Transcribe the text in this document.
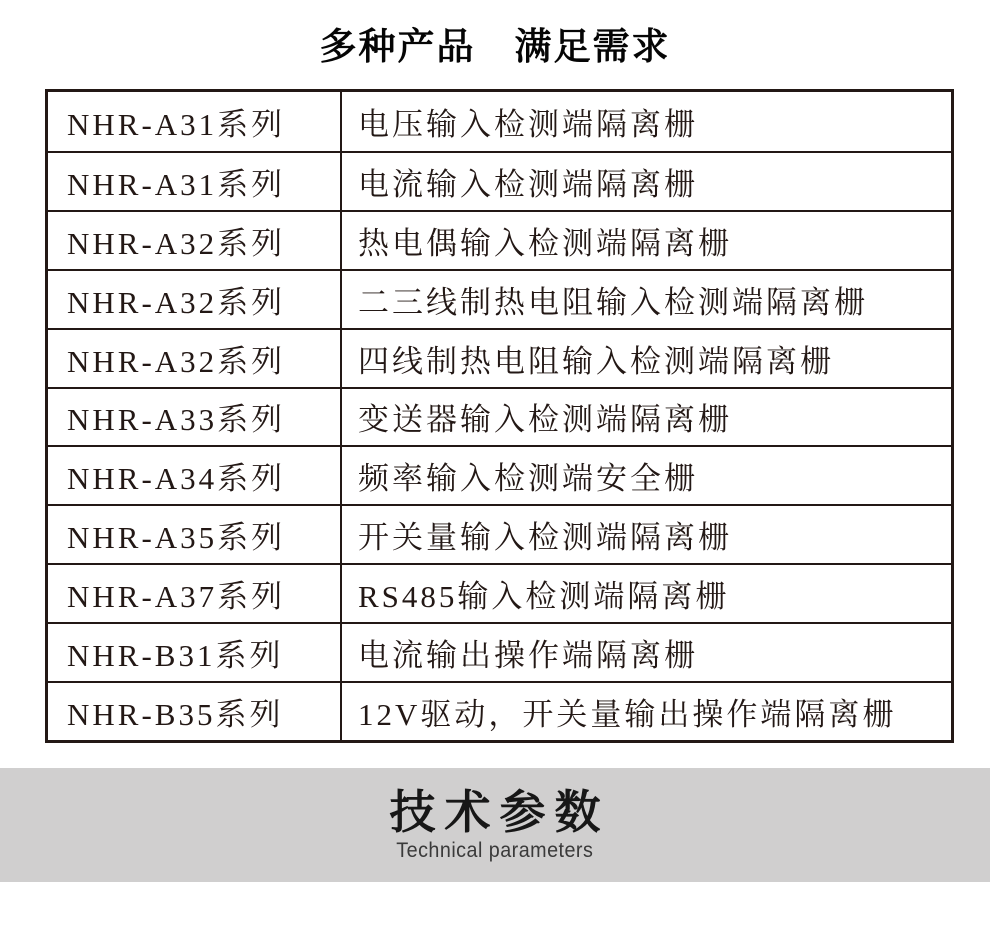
多种产品　满足需求
NHR-A31系列	电压输入检测端隔离栅
NHR-A31系列	电流输入检测端隔离栅
NHR-A32系列	热电偶输入检测端隔离栅
NHR-A32系列	二三线制热电阻输入检测端隔离栅
NHR-A32系列	四线制热电阻输入检测端隔离栅
NHR-A33系列	变送器输入检测端隔离栅
NHR-A34系列	频率输入检测端安全栅
NHR-A35系列	开关量输入检测端隔离栅
NHR-A37系列	RS485输入检测端隔离栅
NHR-B31系列	电流输出操作端隔离栅
NHR-B35系列	12V驱动，开关量输出操作端隔离栅
技术参数
Technical parameters
